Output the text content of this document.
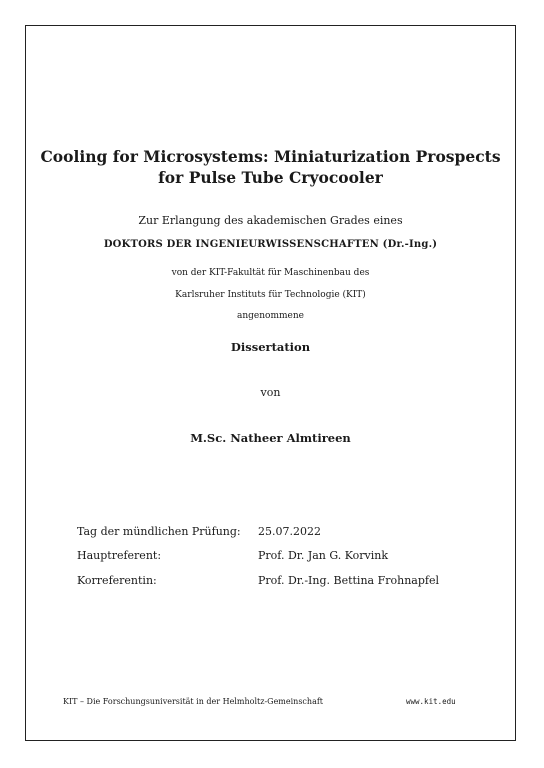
Cooling for Microsystems: Miniaturization Prospects
for Pulse Tube Cryocooler
Zur Erlangung des akademischen Grades eines
DOKTORS DER INGENIEURWISSENSCHAFTEN (Dr.-Ing.)
von der KIT-Fakultät für Maschinenbau des
Karlsruher Instituts für Technologie (KIT)
angenommene
Dissertation
von
M.Sc. Natheer Almtireen
Tag der mündlichen Prüfung: 25.07.2022
Hauptreferent:	Prof. Dr. Jan G. Korvink
Korreferentin:	Prof. Dr.-Ing. Bettina Frohnapfel
KIT – Die Forschungsuniversität in der Helmholtz-Gemeinschaft	www.kit.edu
